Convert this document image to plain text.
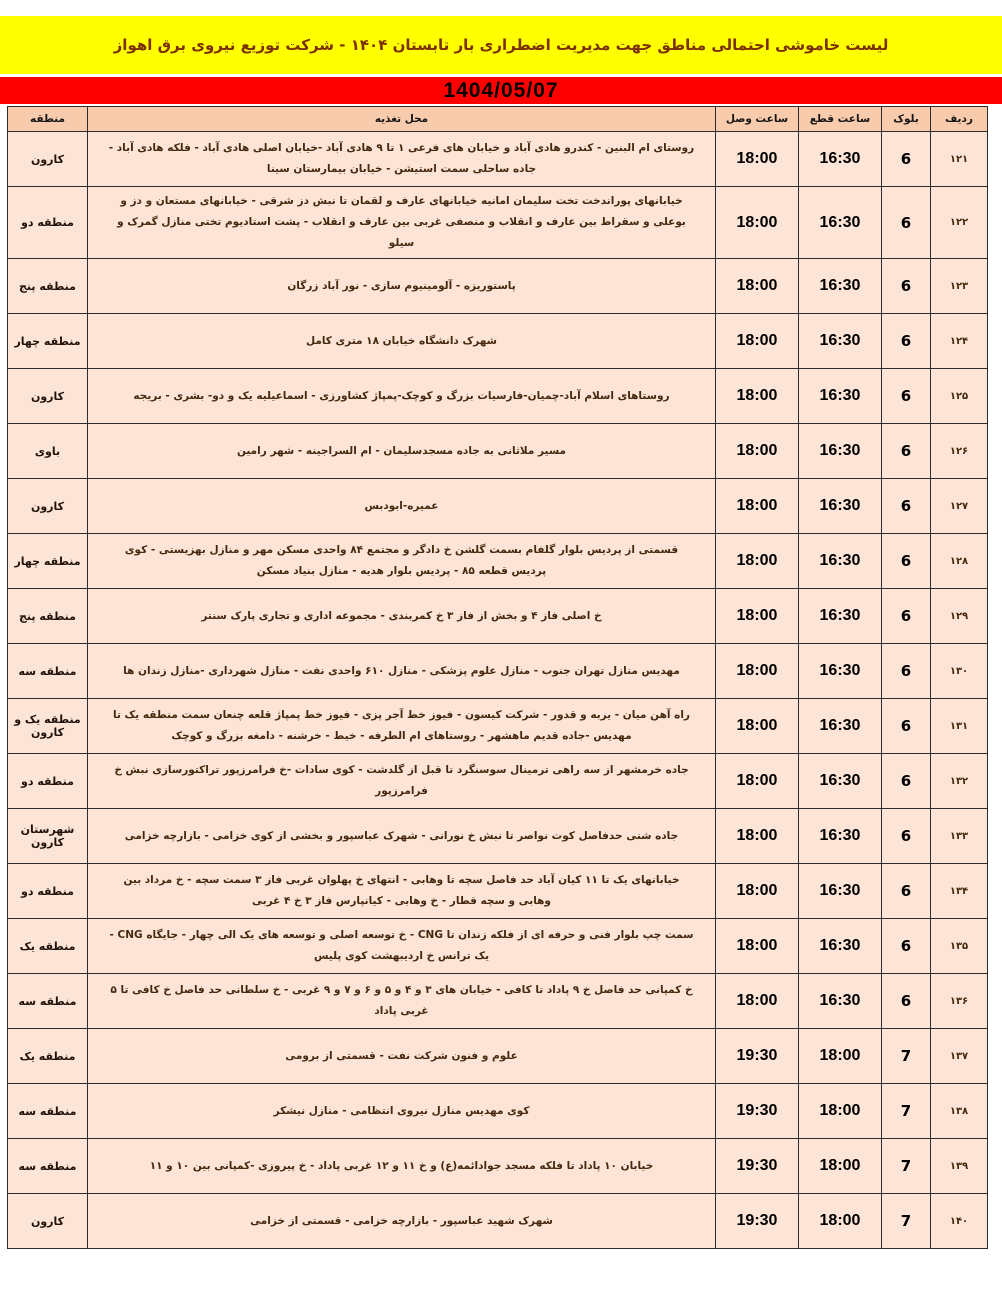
لیست خاموشی احتمالی مناطق جهت مدیریت اضطراری بار تابستان ۱۴۰۴ - شرکت توزیع نیروی برق اهواز
1404/05/07
ردیف	بلوک	ساعت قطع	ساعت وصل	محل تغذیه	منطقه
۱۲۱	6	16:30	18:00	روستای ام البنین - کندرو هادی آباد و خیابان های فرعی ۱ تا ۹ هادی آباد -خیابان اصلی هادی آباد - فلکه هادی آباد - جاده ساحلی سمت استیشن - خیابان بیمارستان سینا	کارون
۱۲۲	6	16:30	18:00	خیابانهای پوراندخت تخت سلیمان امانیه خیابانهای عارف و لقمان تا نبش دز شرقی - خیابانهای مستعان و دز و بوعلی و سقراط بین عارف و انقلاب و منصفی غربی بین عارف و انقلاب - پشت استادیوم تختی منازل گمرک و سیلو	منطقه دو
۱۲۳	6	16:30	18:00	پاستوریزه - آلومینیوم سازی - نور آباد زرگان	منطقه پنج
۱۲۴	6	16:30	18:00	شهرک دانشگاه خیابان ۱۸ متری کامل	منطقه چهار
۱۲۵	6	16:30	18:00	روستاهای اسلام آباد-چمیان-فارسیات بزرگ و کوچک-پمپاژ کشاورزی - اسماعیلیه یک و دو- بشری - بریجه	کارون
۱۲۶	6	16:30	18:00	مسیر ملاثانی به جاده مسجدسلیمان - ام السراجینه - شهر رامین	باوی
۱۲۷	6	16:30	18:00	عمیره-ابودبس	کارون
۱۲۸	6	16:30	18:00	قسمتی از پردیس بلوار گلفام بسمت گلشن خ دادگر و مجتمع ۸۴ واحدی مسکن مهر و منازل بهزیستی - کوی پردیس قطعه ۸۵ - پردیس بلوار هدیه - منازل بنیاد مسکن	منطقه چهار
۱۲۹	6	16:30	18:00	خ اصلی فاز ۴ و بخش از فاز ۳ خ کمربندی - مجموعه اداری و تجاری پارک سنتر	منطقه پنج
۱۳۰	6	16:30	18:00	مهدیس منازل تهران جنوب - منازل علوم پزشکی - منازل ۶۱۰ واحدی نفت - منازل شهرداری -منازل زندان ها	منطقه سه
۱۳۱	6	16:30	18:00	راه آهن میان - یربه و قدور - شرکت کیسون - فیوز خط آجر پزی - فیوز خط پمپاژ قلعه چنعان سمت منطقه یک تا مهدیس -جاده قدیم ماهشهر - روستاهای ام الطرفه - خیط - خرشنه - دامغه بزرگ و کوچک	منطقه یک و کارون
۱۳۲	6	16:30	18:00	جاده خرمشهر از سه راهی ترمینال سوسنگرد تا قبل از گلدشت - کوی سادات -خ فرامرزپور تراکتورسازی نبش خ فرامرزپور	منطقه دو
۱۳۳	6	16:30	18:00	جاده شنی حدفاصل کوت نواصر تا نبش خ نورانی - شهرک عباسپور و بخشی از کوی خزامی - بازارچه خزامی	شهرستان کارون
۱۳۴	6	16:30	18:00	خیابانهای یک تا ۱۱ کیان آباد حد فاصل سچه تا وهابی - انتهای خ پهلوان غربی فاز ۳ سمت سچه - خ مرداد بین وهابی و سچه قطار - خ وهابی - کیانپارس فاز ۳ خ ۴ غربی	منطقه دو
۱۳۵	6	16:30	18:00	سمت چپ بلوار فنی و حرفه ای از فلکه زندان تا CNG - خ توسعه اصلی و توسعه های یک الی چهار - جایگاه CNG - یک ترانس خ اردیبهشت کوی پلیس	منطقه یک
۱۳۶	6	16:30	18:00	خ کمپانی حد فاصل خ ۹ پاداد تا کافی - خیابان های ۳ و ۴ و ۵ و ۶ و ۷ و ۹ غربی - خ سلطانی حد فاصل خ کافی تا ۵ غربی پاداد	منطقه سه
۱۳۷	7	18:00	19:30	علوم و فنون شرکت نفت - قسمتی از برومی	منطقه یک
۱۳۸	7	18:00	19:30	کوی مهدیس منازل نیروی انتظامی - منازل نیشکر	منطقه سه
۱۳۹	7	18:00	19:30	خیابان ۱۰ پاداد تا فلکه مسجد جوادائمه(ع) و خ ۱۱ و ۱۲ غربی پاداد - خ پیروزی -کمپانی بین ۱۰ و ۱۱	منطقه سه
۱۴۰	7	18:00	19:30	شهرک شهید عباسپور - بازارچه خزامی - قسمتی از خزامی	کارون
